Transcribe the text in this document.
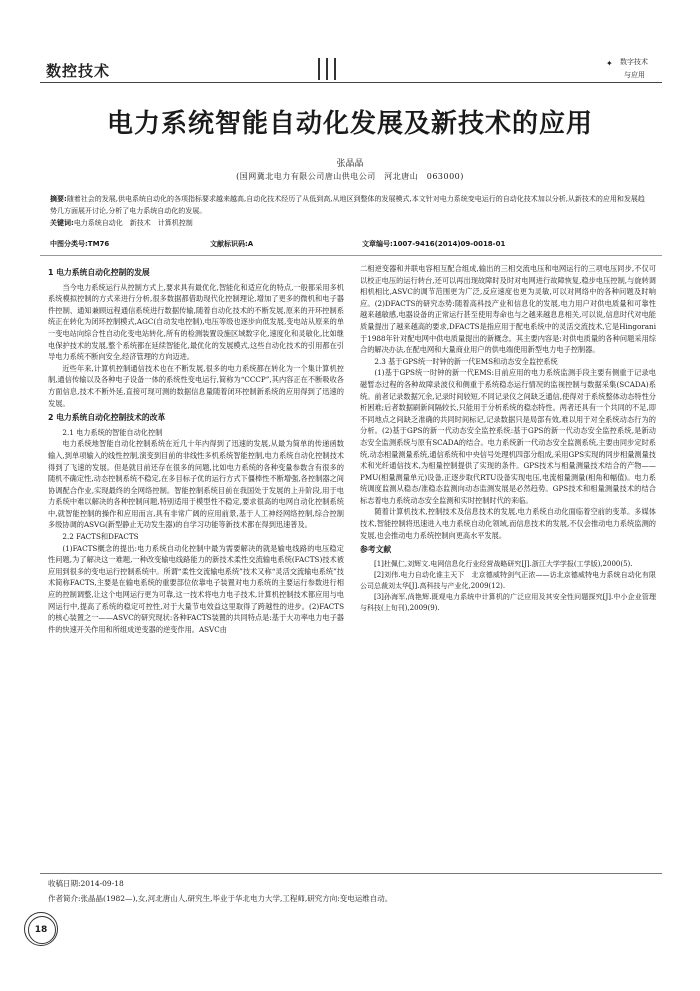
数控技术	✦ 数字技术
与应用
电力系统智能自动化发展及新技术的应用
张晶晶
(国网冀北电力有限公司唐山供电公司　河北唐山　063000)
摘要:随着社会的发展,供电系统自动化的各项指标要求越来越高,自动化技术经历了从低到高,从地区到整体的发展模式,本文针对电力系统变电运行的自动化技术加以分析,从新技术的应用和发展趋势几方面展开讨论,分析了电力系统自动化的发展。
关键词:电力系统自动化　新技术　计算机控制
中图分类号:TM76	文献标识码:A	文章编号:1007-9416(2014)09-0018-01

1 电力系统自动化控制的发展

当今电力系统运行从控制方式上,要求具有最优化,智能化和适应化的特点,一般都采用多机系统模拟控制的方式来进行分析,很多数据都借助现代化控制理论,增加了更多的微机和电子器件控制、通知兼顾远程通信系统进行数据传输,随着自动化技术的不断发展,原来的开环控制系统正在转化为闭环控制模式,AGC(自动发电控制),电压等级也逐步向低发展,变电站从原来的单一变电站向综合性自动化变电站转化,所有的检测装置设施区域数字化,速度化和灵敏化,比如继电保护技术的发展,整个系统都在延续智能化,最优化的发展模式,这些自动化技术的引用都在引导电力系统不断向安全,经济管理的方向迈进。

近些年来,计算机控制通信技术也在不断发展,很多的电力系统都在转化为一个集计算机控制,通信传输以及各种电子设备一体的系统性变电运行,简称为“CCCP”,其内容正在不断吸收各方面信息,技术不断外延,直接可现可测的数据信息量随着闭环控制新系统的应用得到了迅速的发展。

2 电力系统自动化控制技术的改革

2.1 电力系统的智能自动化控制

电力系统地智能自动化控制系统在近几十年内得到了迅速的发展,从最为简单的传递函数输入,到单项输入的线性控制,演变到目前的非线性多机系统智能控制,电力系统自动化控制技术得到了飞速的发展。但是就目前还存在很多的问题,比如电力系统的各种变量参数含有很多的随机不确定性,动态控制系统不稳定,在多目标子优的运行方式下僵棒性不断增强,各控制器之间协调配合作业,实现最终的全网络控制。智能控制系统目前在我国处于发展的上升阶段,用于电力系统中难以解决的各种控制问题,特别适用于模型性不稳定,要求很高的电网自动化控制系统中,就智能控制的操作和应用而言,具有非常广阔的应用前景,基于人工神经网络控制,综合控制多级协调的ASVG(新型静止无功发生器)的自学习功能等新技术都在得到迅速普及。

2.2 FACTS和DFACTS

(1)FACTS概念的提出:电力系统自动化控制中最为需要解决的就是输电线路的电压稳定性问题,为了解决这一难题,一种改变输电线路能力的新技术柔性交流输电系统(FACTS)技术被应用到很多的变电运行控制系统中。所谓“柔性交流输电系统”技术又称“灵活交流输电系统”技术简称FACTS,主要是在输电系统的重要部位依靠电子装置对电力系统的主要运行参数进行相应的控制调整,让这个电网运行更为可靠,这一技术将电力电子技术,计算机控制技术都应用与电网运行中,提高了系统的稳定可控性,对于大量节电效益这里取得了跨越性的进步。(2)FACTS的核心装置之一——ASVC的研究现状:各种FACTS装置的共同特点是:基于大功率电力电子器件的快速开关作用和所组成逆变器的逆变作用。ASVC由

二相逆变器和并联电容相互配合组成,输出的三相交流电压和电网运行的三项电压同步,不仅可以校正电压的运行转台,还可以再出现故障时及时对电网进行故障恢复,稳步电压控制,与旋转调相机相比,ASVC的调节范围更为广泛,反应速度也更为灵敏,可以对网络中的各种问题及时响应。(2)DFACTS的研究态势:随着高科技产业和信息化的发展,电力用户对供电质量和可靠性越来越敏感,电器设备的正常运行甚至使用寿命也与之越来越息息相关,可以说,信息时代对电能质量提出了越来越高的要求,DFACTS是指应用于配电系统中的灵活交流技术,它是Hingorani于1988年针对配电网中供电质量提出的新概念。其主要内容是:对供电质量的各种问题采用综合的解决办法,在配电网和大量商业用户的供电端使用新型电力电子控制器。

2.3 基于GPS统一时钟的新一代EMS和动态安全监控系统

(1)基于GPS统一时钟的新一代EMS:目前应用的电力系统监测手段主要有侧重于记录电磁暂态过程的各种故障录波仪和侧重于系统稳态运行情况的监视控制与数据采集(SCADA)系统。前者记录数据冗余,记录时间较短,不同记录仪之间缺乏通信,使得对于系统整体动态特性分析困难;后者数据刷新间隔较长,只能用于分析系统的稳态特性。两者还具有一个共同的不足,即不同地点之间缺乏准确的共同时间标记,记录数据只是局部有效,难以用于对全系统动态行为的分析。(2)基于GPS的新一代动态安全监控系统:基于GPS的新一代动态安全监控系统,是新动态安全监测系统与原有SCADA的结合。电力系统新一代动态安全监测系统,主要由同步定时系统,动态相量测量系统,通信系统和中央信号处理机四部分组成,采用GPS实现的同步相量测量技术和光纤通信技术,为相量控制提供了实现的条件。GPS技术与相量测量技术结合的产物——PMU(相量测量单元)设备,正逐步取代RTU设备实现电压,电流相量测量(相角和幅值)。电力系统调度监测从稳态/准稳态监测向动态监测发展是必然趋势。GPS技术和相量测量技术的结合标志着电力系统动态安全监测和实时控制时代的来临。

随着计算机技术,控制技术及信息技术的发展,电力系统自动化面临着空前的变革。多媒体技术,智能控制将迅速进入电力系统自动化领域,而信息技术的发展,不仅会推动电力系统监测的发展,也会推动电力系统控制向更高水平发展。

参考文献

[1]杜佩仁,刘辉文.电网信息化行业经营战略研究[J].浙江大学学报(工学版),2000(5).

[2]刘伟.电力自动化谁主天下　北京德威特剑气正浓——访北京德威特电力系统自动化有限公司总裁刘太华[J].高科技与产业化,2009(12).

[3]孙海军,尚艳辉.既观电力系统中计算机的广泛应用及其安全性问题探究[J].中小企业管理与科技(上旬刊),2009(9).

收稿日期:2014-09-18
作者简介:张晶晶(1982—),女,河北唐山人,研究生,毕业于华北电力大学,工程师,研究方向:变电运维自动。
18
